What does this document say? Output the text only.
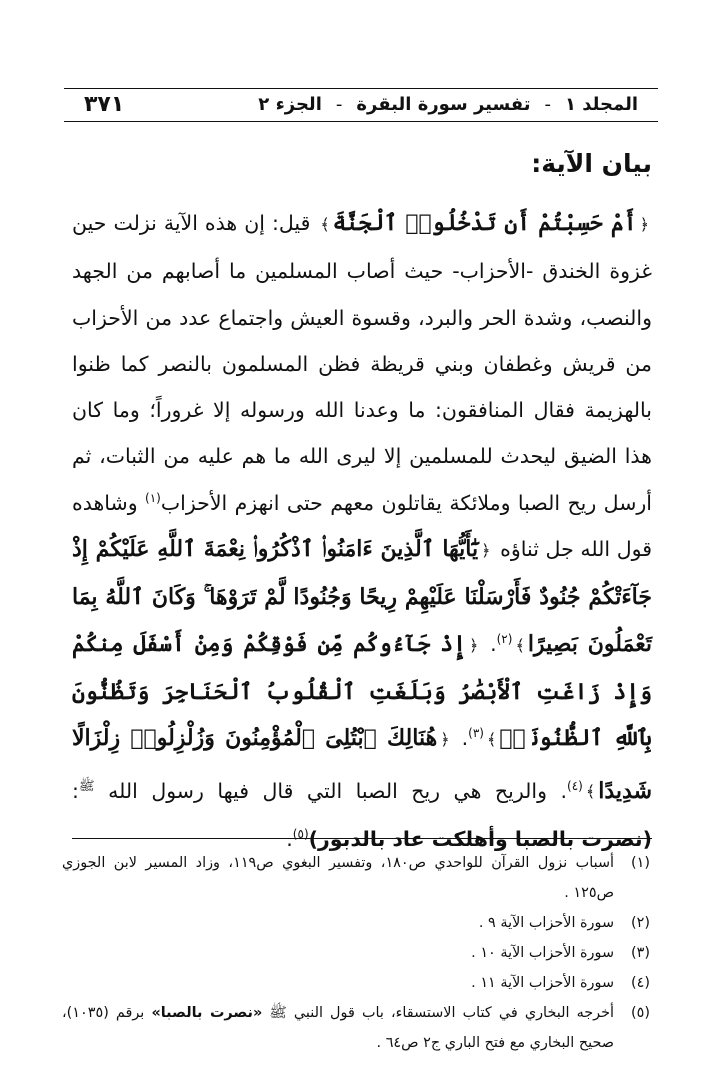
المجلد ١
-
تفسير سورة البقرة
-
الجزء ٢
٣٧١
بيان الآية:

﴿أَمْ حَسِبْتُمْ أَن تَدْخُلُوا۟ ٱلْجَنَّةَ﴾ قيل: إن هذه الآية نزلت حين غزوة الخندق -الأحزاب- حيث أصاب المسلمين ما أصابهم من الجهد والنصب، وشدة الحر والبرد، وقسوة العيش واجتماع عدد من الأحزاب من قريش وغطفان وبني قريظة فظن المسلمون بالنصر كما ظنوا بالهزيمة فقال المنافقون: ما وعدنا الله ورسوله إلا غروراً؛ وما كان هذا الضيق ليحدث للمسلمين إلا ليرى الله ما هم عليه من الثبات، ثم أرسل ريح الصبا وملائكة يقاتلون معهم حتى انهزم الأحزاب$^{(١)}$ وشاهده قول الله جل ثناؤه ﴿يَٰٓأَيُّهَا ٱلَّذِينَ ءَامَنُوا۟ ٱذْكُرُوا۟ نِعْمَةَ ٱللَّهِ عَلَيْكُمْ إِذْ جَآءَتْكُمْ جُنُودٌ فَأَرْسَلْنَا عَلَيْهِمْ رِيحًا وَجُنُودًا لَّمْ تَرَوْهَا ۚ وَكَانَ ٱللَّهُ بِمَا تَعْمَلُونَ بَصِيرًا﴾$^{(٢)}$. ﴿إِذْ جَآءُوكُم مِّن فَوْقِكُمْ وَمِنْ أَسْفَلَ مِنكُمْ وَإِذْ زَاغَتِ ٱلْأَبْصَٰرُ وَبَلَغَتِ ٱلْقُلُوبُ ٱلْحَنَاجِرَ وَتَظُنُّونَ بِٱللَّهِ ٱلظُّنُونَا۠﴾$^{(٣)}$. ﴿هُنَالِكَ ٱبْتُلِىَ ٱلْمُؤْمِنُونَ وَزُلْزِلُوا۟ زِلْزَالًا شَدِيدًا﴾$^{(٤)}$. والريح هي ريح الصبا التي قال فيها رسول الله $^ﷺ$: (نصرت بالصبا وأهلكت عاد بالدبور)$^{(٥)}$.

(١)
أسباب نزول القرآن للواحدي ص١٨٠، وتفسير البغوي ص١١٩، وزاد المسير لابن الجوزي ص١٢٥ .

(٢)
سورة الأحزاب الآية ٩ .

(٣)
سورة الأحزاب الآية ١٠ .

(٤)
سورة الأحزاب الآية ١١ .

(٥)
أخرجه البخاري في كتاب الاستسقاء، باب قول النبي ﷺ «نصرت بالصبا» برقم (١٠٣٥)، صحيح البخاري مع فتح الباري ج٢ ص٦٤ .
